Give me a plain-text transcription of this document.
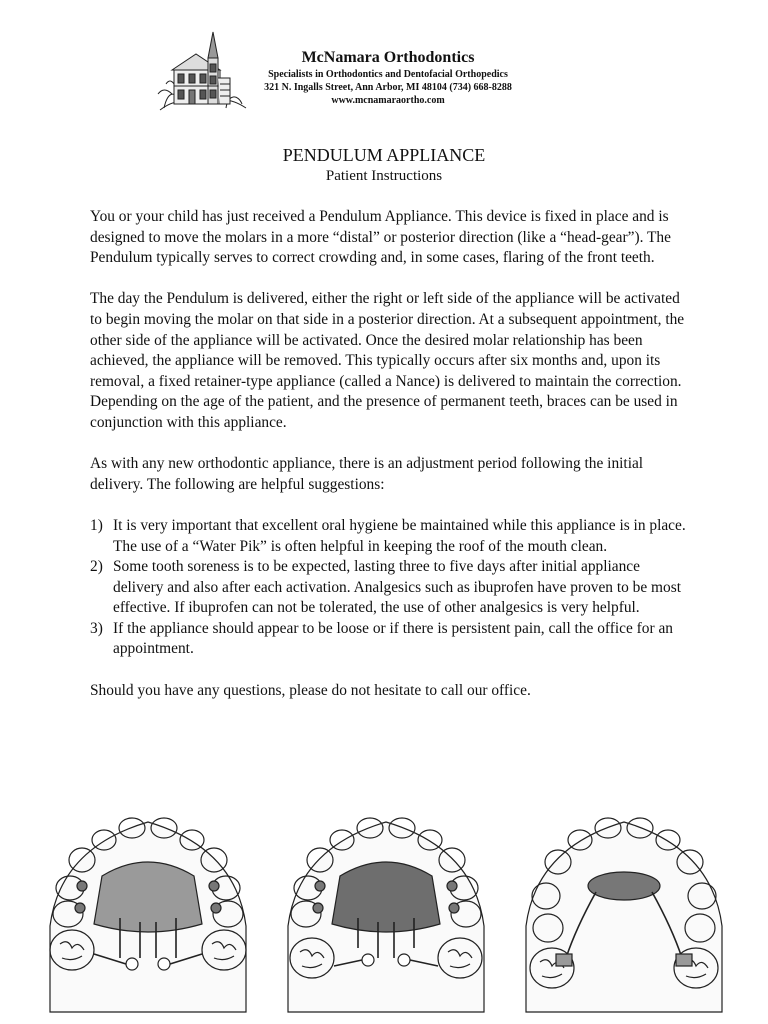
McNamara Orthodontics
Specialists in Orthodontics and Dentofacial Orthopedics
321 N. Ingalls Street, Ann Arbor, MI 48104 (734) 668-8288
www.mcnamaraortho.com
PENDULUM APPLIANCE
Patient Instructions

You or your child has just received a Pendulum Appliance. This device is fixed in place and is designed to move the molars in a more “distal” or posterior direction (like a “head-gear”). The Pendulum typically serves to correct crowding and, in some cases, flaring of the front teeth.

The day the Pendulum is delivered, either the right or left side of the appliance will be activated to begin moving the molar on that side in a posterior direction. At a subsequent appointment, the other side of the appliance will be activated. Once the desired molar relationship has been achieved, the appliance will be removed. This typically occurs after six months and, upon its removal, a fixed retainer-type appliance (called a Nance) is delivered to maintain the correction. Depending on the age of the patient, and the presence of permanent teeth, braces can be used in conjunction with this appliance.

As with any new orthodontic appliance, there is an adjustment period following the initial delivery. The following are helpful suggestions:

1) It is very important that excellent oral hygiene be maintained while this appliance is in place. The use of a “Water Pik” is often helpful in keeping the roof of the mouth clean.
2) Some tooth soreness is to be expected, lasting three to five days after initial appliance delivery and also after each activation. Analgesics such as ibuprofen have proven to be most effective. If ibuprofen can not be tolerated, the use of other analgesics is very helpful.
3) If the appliance should appear to be loose or if there is persistent pain, call the office for an appointment.

Should you have any questions, please do not hesitate to call our office.
